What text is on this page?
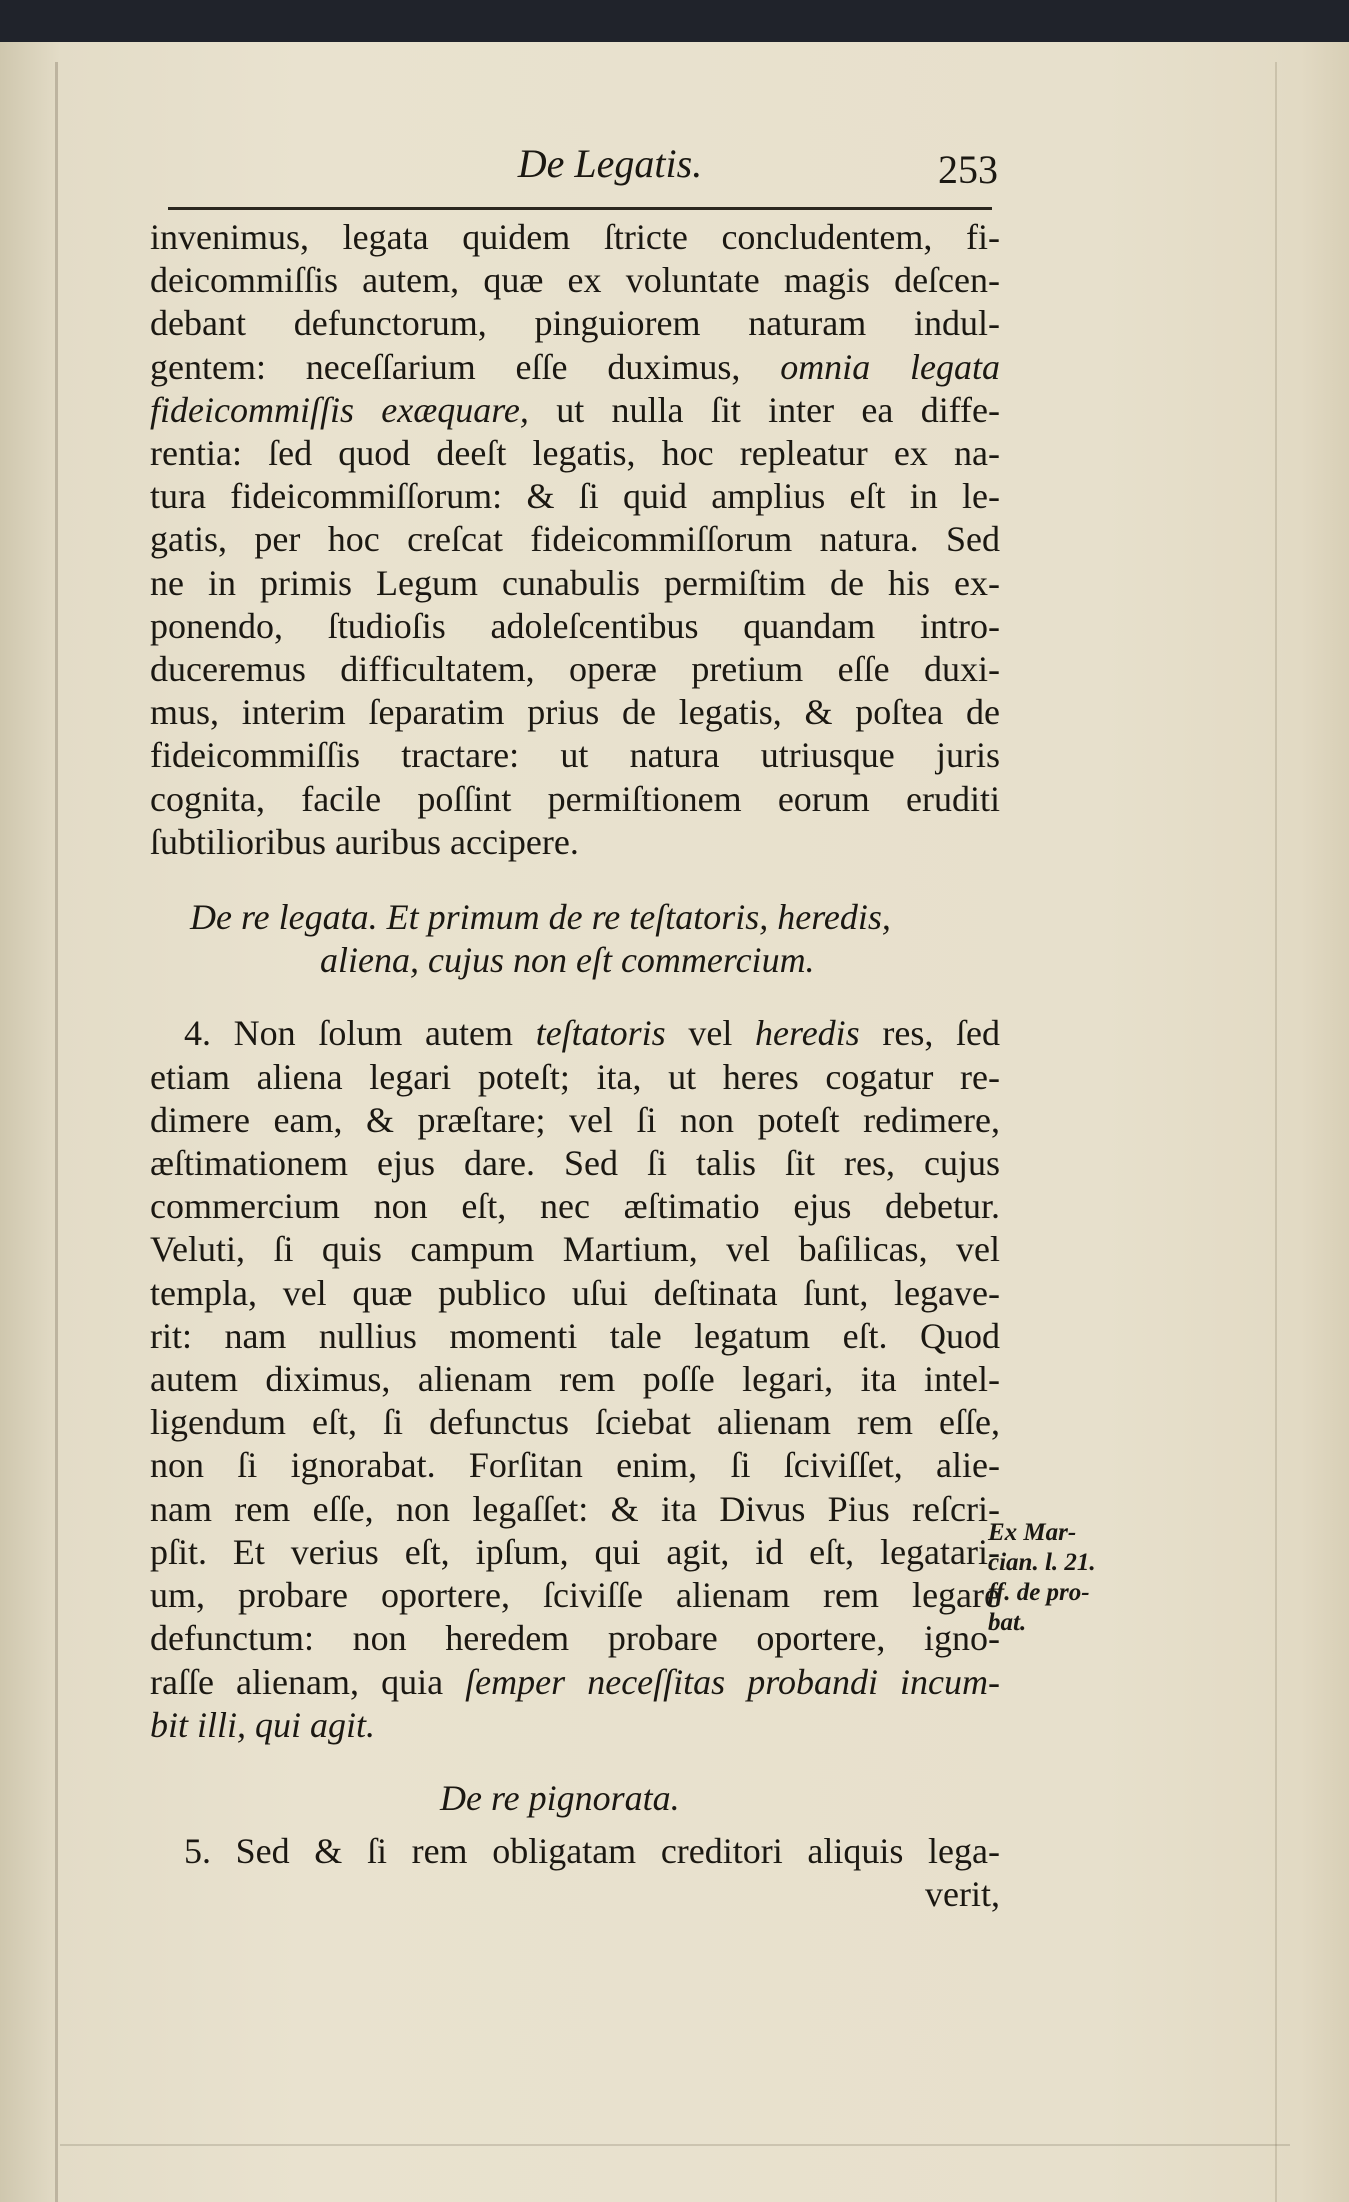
De Legatis.	253
invenimus, legata quidem ſtricte concludentem, fi-
deicommiſſis autem, quæ ex voluntate magis deſcen-
debant defunctorum, pinguiorem naturam indul-
gentem: neceſſarium eſſe duximus, omnia legata
fideicommiſſis exæquare, ut nulla ſit inter ea diffe-
rentia: ſed quod deeſt legatis, hoc repleatur ex na-
tura fideicommiſſorum: & ſi quid amplius eſt in le-
gatis, per hoc creſcat fideicommiſſorum natura. Sed
ne in primis Legum cunabulis permiſtim de his ex-
ponendo, ſtudioſis adoleſcentibus quandam intro-
duceremus difficultatem, operæ pretium eſſe duxi-
mus, interim ſeparatim prius de legatis, & poſtea de
fideicommiſſis tractare: ut natura utriusque juris
cognita, facile poſſint permiſtionem eorum eruditi
ſubtilioribus auribus accipere.
De re legata. Et primum de re teſtatoris, heredis,
aliena, cujus non eſt commercium.
4. Non ſolum autem teſtatoris vel heredis res, ſed
etiam aliena legari poteſt; ita, ut heres cogatur re-
dimere eam, & præſtare; vel ſi non poteſt redimere,
æſtimationem ejus dare. Sed ſi talis ſit res, cujus
commercium non eſt, nec æſtimatio ejus debetur.
Veluti, ſi quis campum Martium, vel baſilicas, vel
templa, vel quæ publico uſui deſtinata ſunt, legave-
rit: nam nullius momenti tale legatum eſt. Quod
autem diximus, alienam rem poſſe legari, ita intel-
ligendum eſt, ſi defunctus ſciebat alienam rem eſſe,
non ſi ignorabat. Forſitan enim, ſi ſciviſſet, alie-
nam rem eſſe, non legaſſet: & ita Divus Pius reſcri-
pſit. Et verius eſt, ipſum, qui agit, id eſt, legatari-
um, probare oportere, ſciviſſe alienam rem legare
defunctum: non heredem probare oportere, igno-
raſſe alienam, quia ſemper neceſſitas probandi incum-
bit illi, qui agit.
De re pignorata.
5. Sed & ſi rem obligatam creditori aliquis lega-
verit,
Ex Mar-
cian. l. 21.
ff. de pro-
bat.
